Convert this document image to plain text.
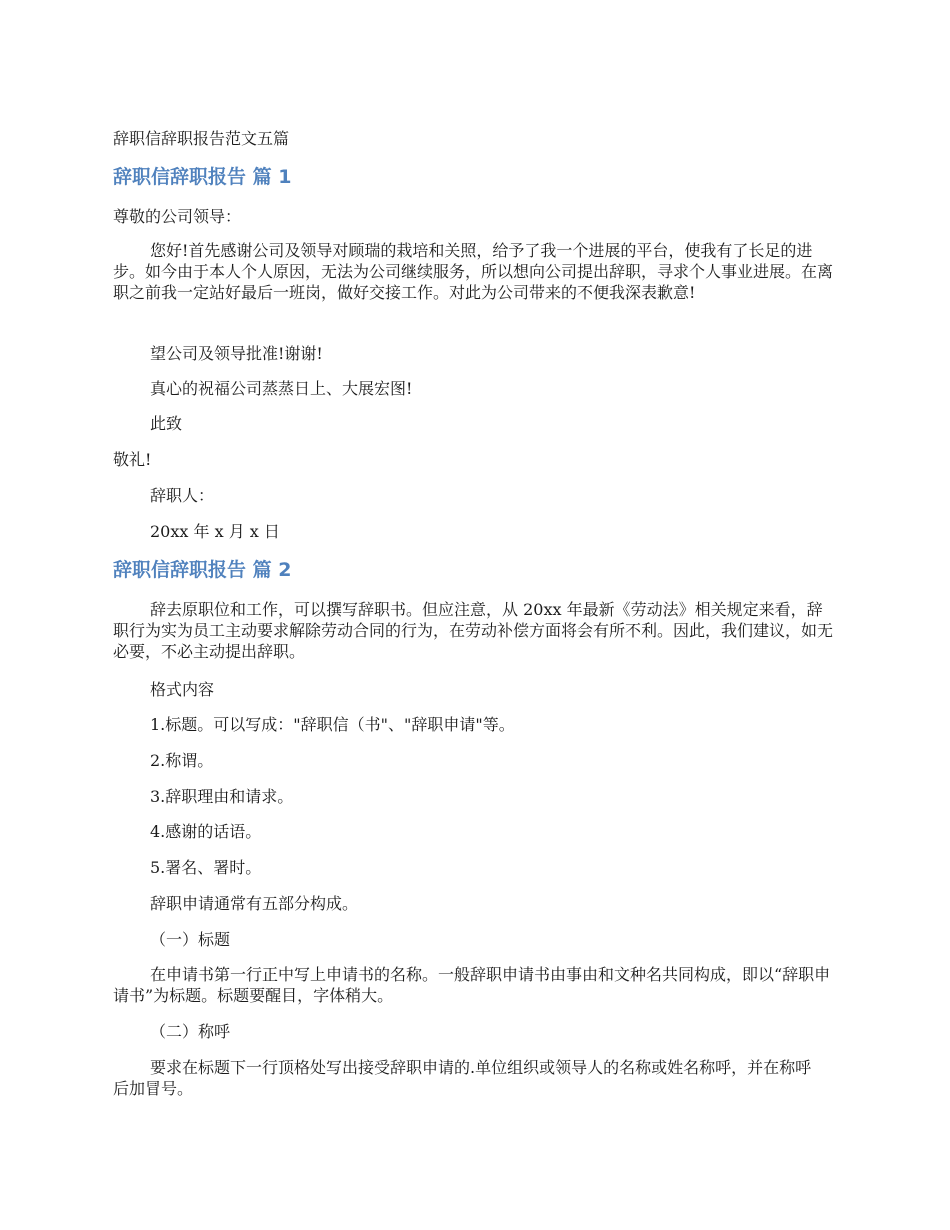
辞职信辞职报告范文五篇
辞职信辞职报告 篇 1

尊敬的公司领导：

您好!首先感谢公司及领导对顾瑞的栽培和关照，给予了我一个进展的平台，使我有了长足的进步。如今由于本人个人原因，无法为公司继续服务，所以想向公司提出辞职，寻求个人事业进展。在离职之前我一定站好最后一班岗，做好交接工作。对此为公司带来的不便我深表歉意!

望公司及领导批准!谢谢!

真心的祝福公司蒸蒸日上、大展宏图!

此致

敬礼!

辞职人：

20xx 年 x 月 x 日

辞职信辞职报告 篇 2

辞去原职位和工作，可以撰写辞职书。但应注意，从 20xx 年最新《劳动法》相关规定来看，辞职行为实为员工主动要求解除劳动合同的行为，在劳动补偿方面将会有所不利。因此，我们建议，如无必要，不必主动提出辞职。

格式内容

1.标题。可以写成："辞职信（书"、"辞职申请"等。

2.称谓。

3.辞职理由和请求。

4.感谢的话语。

5.署名、署时。

辞职申请通常有五部分构成。

（一）标题

在申请书第一行正中写上申请书的名称。一般辞职申请书由事由和文种名共同构成，即以“辞职申请书”为标题。标题要醒目，字体稍大。

（二）称呼

要求在标题下一行顶格处写出接受辞职申请的.单位组织或领导人的名称或姓名称呼，并在称呼后加冒号。
